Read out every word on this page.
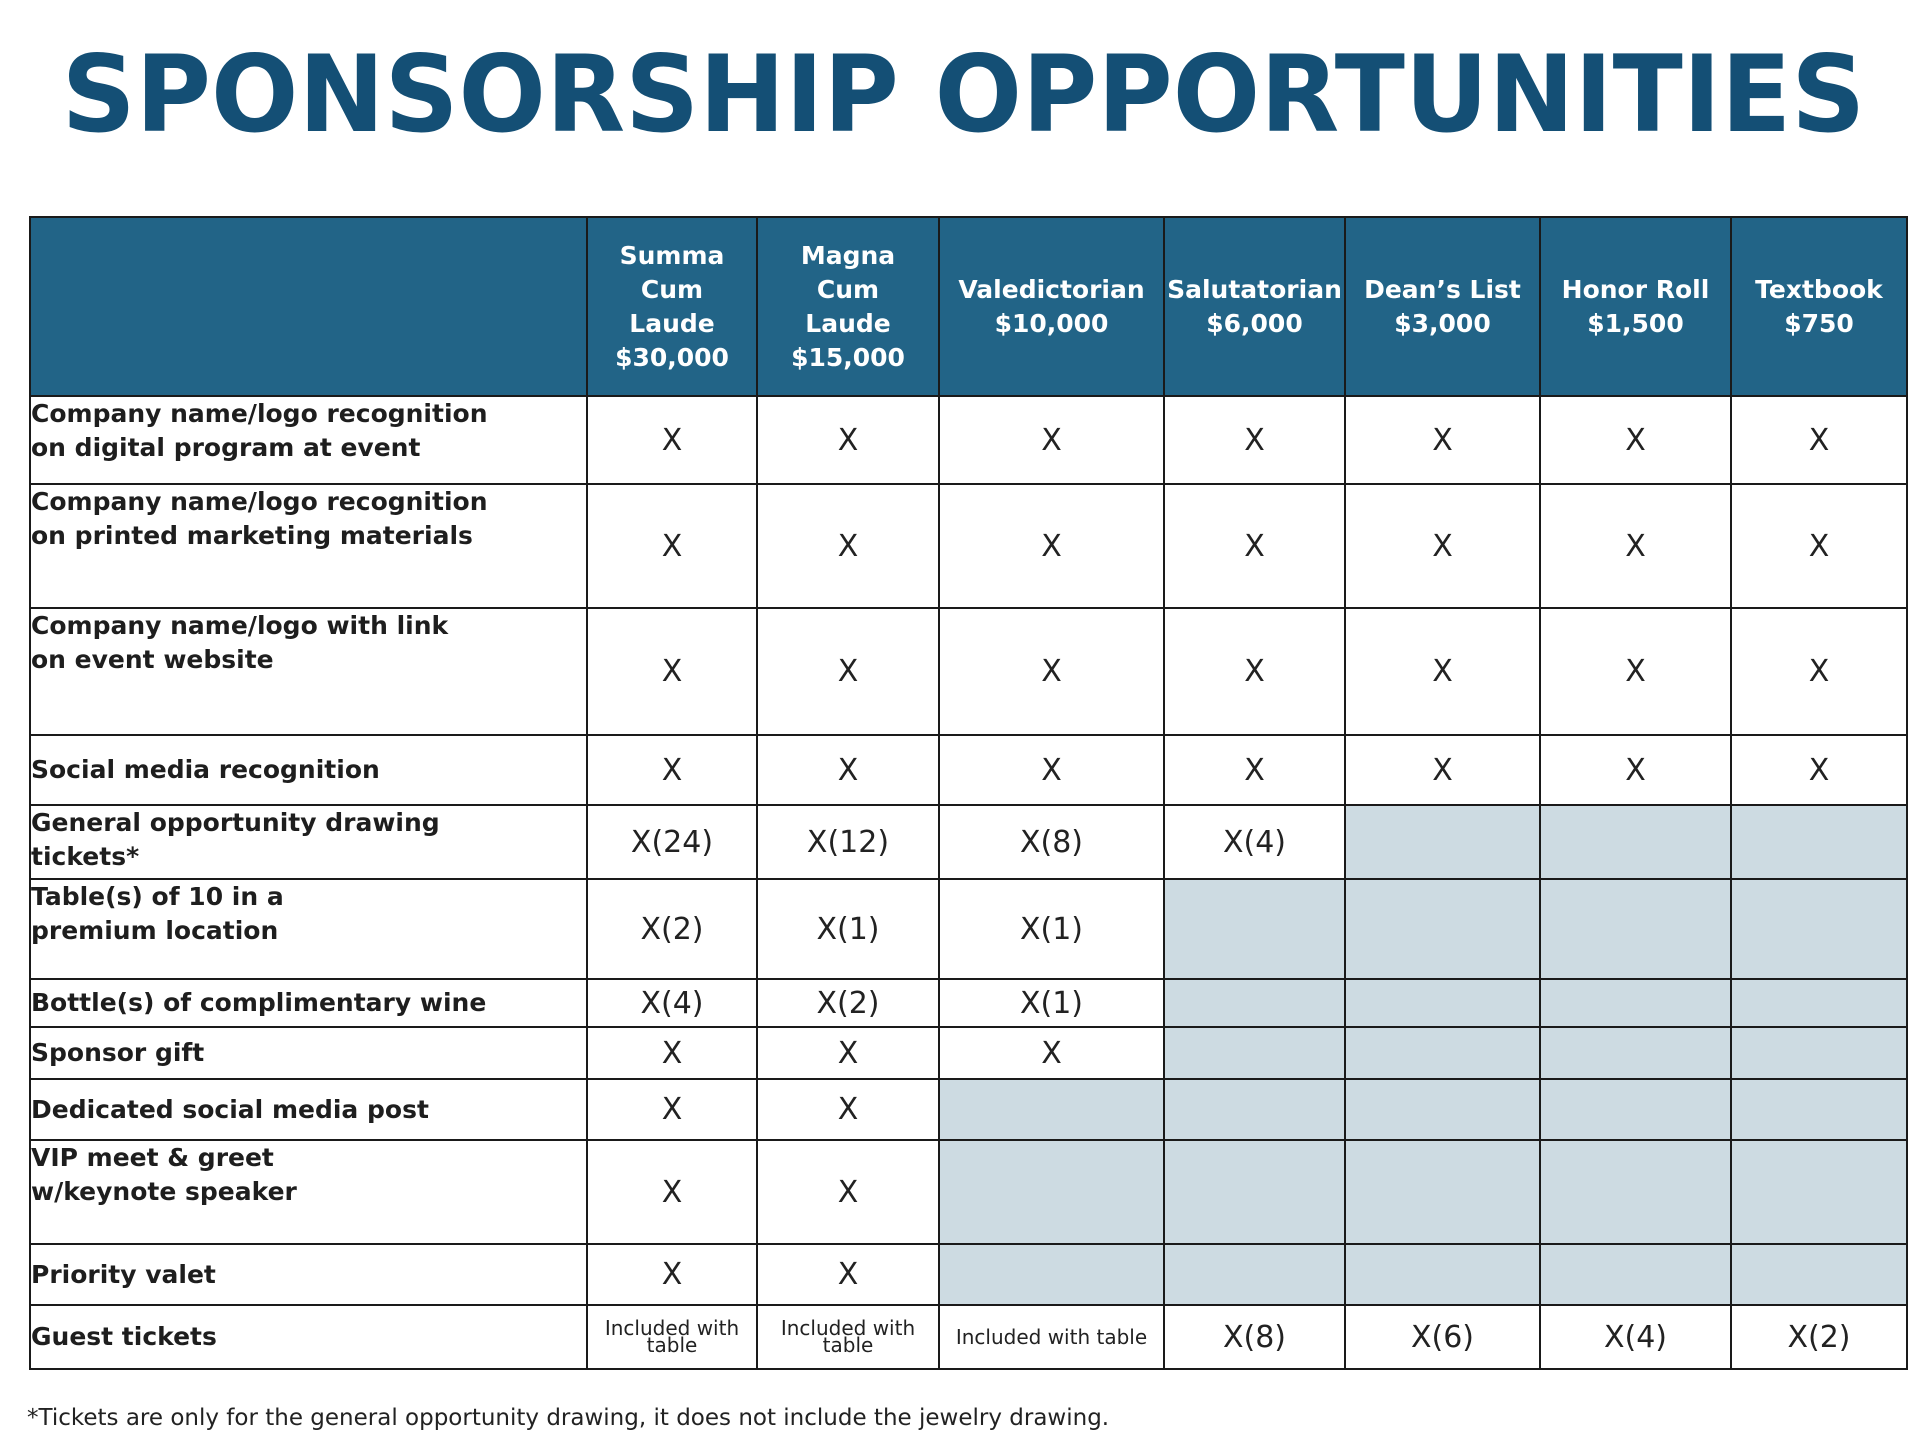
SPONSORSHIP OPPORTUNITIES

	Summa
Cum
Laude
$30,000	Magna
Cum
Laude
$15,000	Valedictorian
$10,000	Salutatorian
$6,000	Dean’s List
$3,000	Honor Roll
$1,500	Textbook
$750

Company name/logo recognition
on digital program at event	X	X	X	X	X	X	X

Company name/logo recognition
on printed marketing materials	X	X	X	X	X	X	X

Company name/logo with link
on event website	X	X	X	X	X	X	X

Social media recognition	X	X	X	X	X	X	X

General opportunity drawing
tickets*	X(24)	X(12)	X(8)	X(4)			

Table(s) of 10 in a
premium location	X(2)	X(1)	X(1)				

Bottle(s) of complimentary wine	X(4)	X(2)	X(1)				

Sponsor gift	X	X	X				

Dedicated social media post	X	X					

VIP meet & greet
w/keynote speaker	X	X					

Priority valet	X	X					

Guest tickets	Included with table	Included with table	Included with table	X(8)	X(6)	X(4)	X(2)

*Tickets are only for the general opportunity drawing, it does not include the jewelry drawing.
